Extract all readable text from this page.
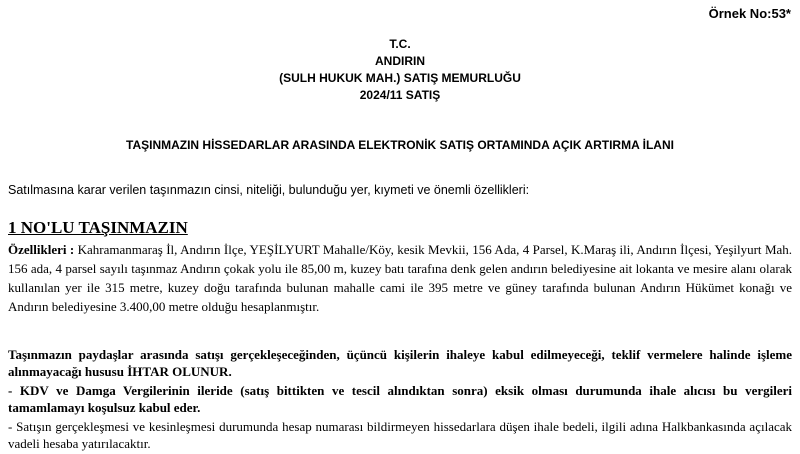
Örnek No:53*
T.C.
ANDIRIN
(SULH HUKUK MAH.) SATIŞ MEMURLUĞU
2024/11 SATIŞ
TAŞINMAZIN HİSSEDARLAR ARASINDA ELEKTRONİK SATIŞ ORTAMINDA AÇIK ARTIRMA İLANI
Satılmasına karar verilen taşınmazın cinsi, niteliği, bulunduğu yer, kıymeti ve önemli özellikleri:
1 NO'LU TAŞINMAZIN
Özellikleri : Kahramanmaraş İl, Andırın İlçe, YEŞİLYURT Mahalle/Köy, kesik Mevkii, 156 Ada, 4 Parsel, K.Maraş ili, Andırın İlçesi, Yeşilyurt Mah. 156 ada, 4 parsel sayılı taşınmaz Andırın çokak yolu ile 85,00 m, kuzey batı tarafına denk gelen andırın belediyesine ait lokanta ve mesire alanı olarak kullanılan yer ile 315 metre, kuzey doğu tarafında bulunan mahalle cami ile 395 metre ve güney tarafında bulunan Andırın Hükümet konağı ve Andırın belediyesine 3.400,00 metre olduğu hesaplanmıştır.

Taşınmazın paydaşlar arasında satışı gerçekleşeceğinden, üçüncü kişilerin ihaleye kabul edilmeyeceği, teklif vermelere halinde işleme alınmayacağı hususu İHTAR OLUNUR.

- KDV ve Damga Vergilerinin ileride (satış bittikten ve tescil alındıktan sonra) eksik olması durumunda ihale alıcısı bu vergileri tamamlamayı koşulsuz kabul eder.

- Satışın gerçekleşmesi ve kesinleşmesi durumunda hesap numarası bildirmeyen hissedarlara düşen ihale bedeli, ilgili adına Halkbankasında açılacak vadeli hesaba yatırılacaktır.
